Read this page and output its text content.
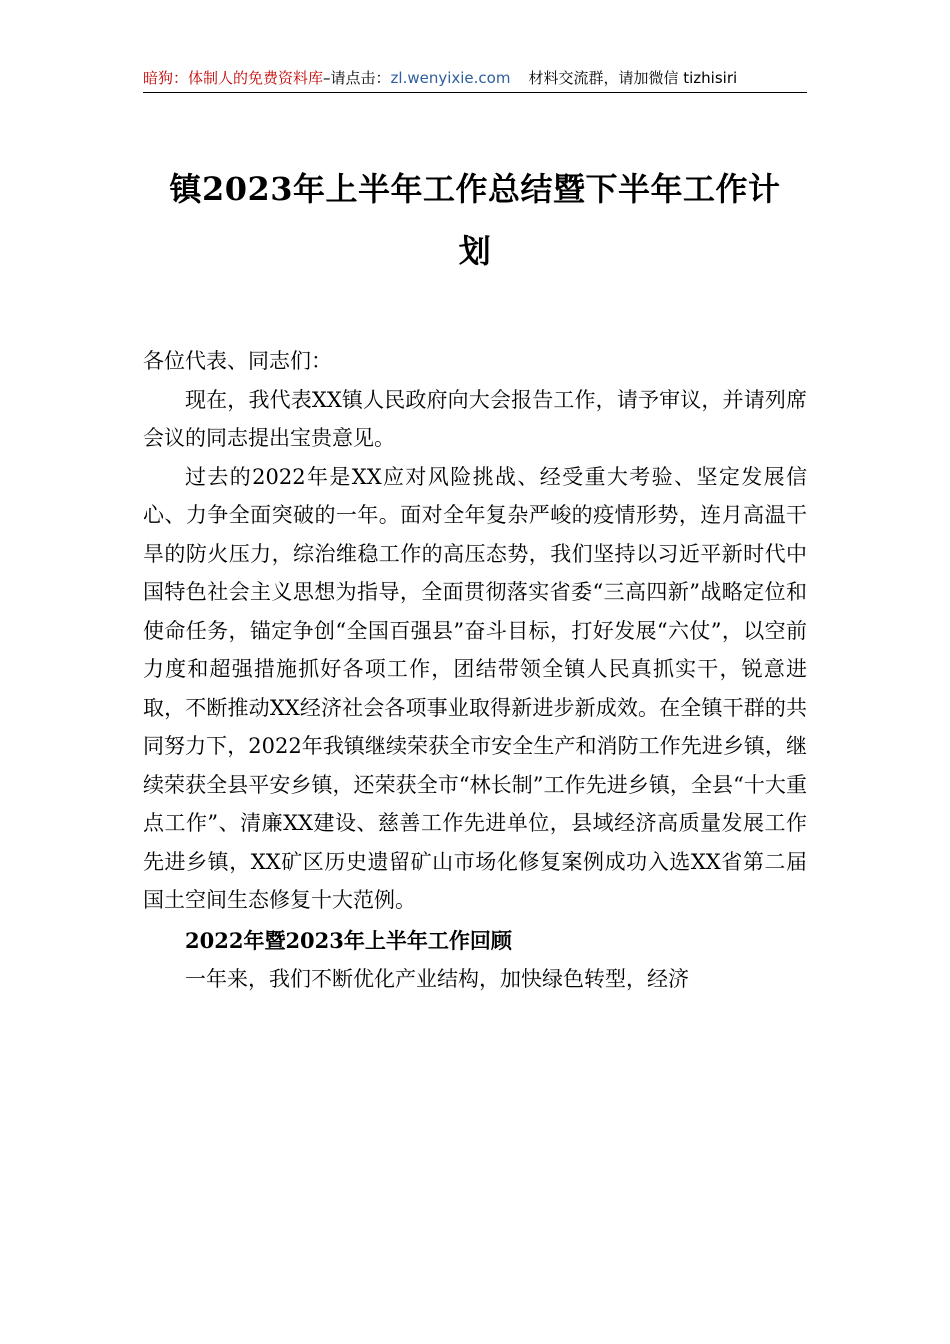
暗狗：体制人的免费资料库–请点击：zl.wenyixie.com 材料交流群，请加微信 tizhisiri
镇2023年上半年工作总结暨下半年工作计
划

各位代表、同志们：

现在，我代表XX镇人民政府向大会报告工作，请予审议，并请列席会议的同志提出宝贵意见。

过去的2022年是XX应对风险挑战、经受重大考验、坚定发展信心、力争全面突破的一年。面对全年复杂严峻的疫情形势，连月高温干旱的防火压力，综治维稳工作的高压态势，我们坚持以习近平新时代中国特色社会主义思想为指导，全面贯彻落实省委“三高四新”战略定位和使命任务，锚定争创“全国百强县”奋斗目标，打好发展“六仗”，以空前力度和超强措施抓好各项工作，团结带领全镇人民真抓实干，锐意进取，不断推动XX经济社会各项事业取得新进步新成效。在全镇干群的共同努力下，2022年我镇继续荣获全市安全生产和消防工作先进乡镇，继续荣获全县平安乡镇，还荣获全市“林长制”工作先进乡镇，全县“十大重点工作”、清廉XX建设、慈善工作先进单位，县域经济高质量发展工作先进乡镇，XX矿区历史遗留矿山市场化修复案例成功入选XX省第二届国土空间生态修复十大范例。

2022年暨2023年上半年工作回顾

一年来，我们不断优化产业结构，加快绿色转型，经济
